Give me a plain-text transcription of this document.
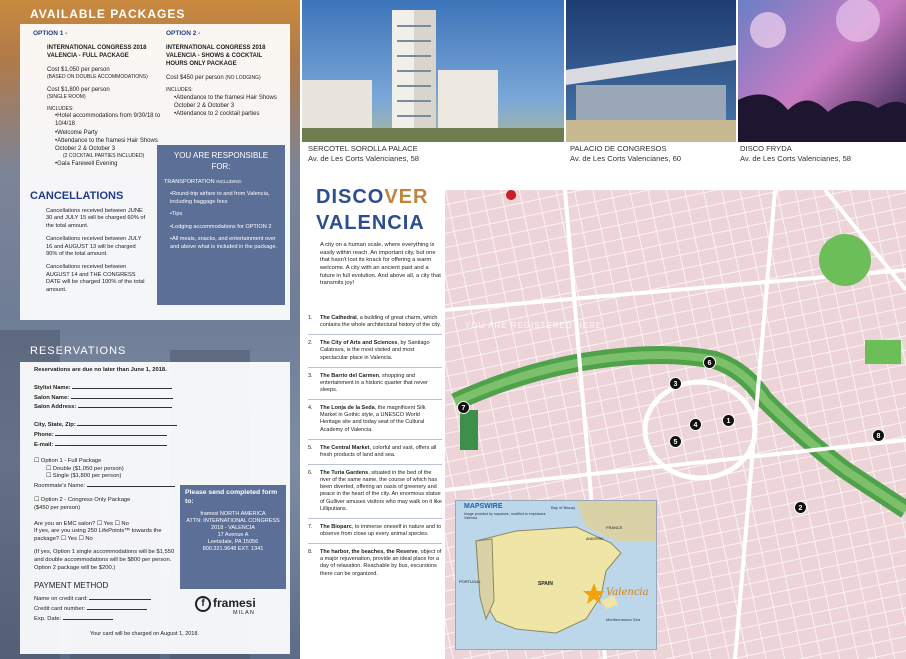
AVAILABLE PACKAGES
OPTION 1 -
INTERNATIONAL CONGRESS 2018 VALENCIA - FULL PACKAGE
Cost $1,050 per person
(BASED ON DOUBLE ACCOMMODATIONS)
Cost $1,800 per person
(SINGLE ROOM)
INCLUDES:
• Hotel accommodations from 9/30/18 to 10/4/18
• Welcome Party
• Attendance to the framesi Hair Shows October 2 & October 3
(2 COCKTAIL PARTIES INCLUDED)
• Gala Farewell Evening
OPTION 2 -
INTERNATIONAL CONGRESS 2018 VALENCIA - SHOWS & COCKTAIL HOURS ONLY PACKAGE
Cost $450 per person (NO LODGING)
INCLUDES:
• Attendance to the framesi Hair Shows October 2 & October 3
• Attendance to 2 cocktail parties
YOU ARE RESPONSIBLE FOR:
TRANSPORTATION INCLUDING:
• Round-trip airfare to and from Valencia, including baggage fees
• Tips
• Lodging accommodations for OPTION 2
• All meals, snacks, and entertainment over and above what is included in the package.
CANCELLATIONS

Cancellations received between JUNE 30 and JULY 15 will be charged 60% of the total amount.

Cancellations received between JULY 16 and AUGUST 13 will be charged 90% of the total amount.

Cancellations received between AUGUST 14 and THE CONGRESS DATE will be charged 100% of the total amount.

RESERVATIONS
Reservations are due no later than June 1, 2018.
Stylist Name:
Salon Name:
Salon Address:
City, State, Zip:
Phone:
E-mail:
☐ Option 1 - Full Package
☐ Double ($1,050 per person)
☐ Single ($1,800 per person)
Roommate's Name:
☐ Option 2 - Congress Only Package
($450 per person)
Are you an EMC salon? ☐ Yes ☐ No
If yes, are you using 250 LifePoints™ towards the package? ☐ Yes ☐ No
(If yes, Option 1 single accommodations will be $1,550 and double accommodations will be $800 per person. Option 2 package will be $200.)
PAYMENT METHOD
Name on credit card:
Credit card number:
Exp. Date:
Your card will be charged on August 1, 2018.
Please send completed form to:
framesi NORTH AMERICA
ATTN: INTERNATIONAL CONGRESS 2018 - VALENCIA
17 Avenue A
Leetsdale, PA 15056
800.321.9648 EXT. 1341
f framesi
MILAN
SERCOTEL SOROLLA PALACE
Av. de Les Corts Valencianes, 58
PALACIO DE CONGRESOS
Av. de Les Corts Valencianes, 60
DISCO FRYDA
Av. de Les Corts Valencianes, 58
DISCOVER
VALENCIA
A city on a human scale, where everything is easily within reach. An important city, but one that hasn't lost its knack for offering a warm welcome. A city with an ancient past and a future in full evolution. And above all, a city that transmits joy!
1.	The Cathedral, a building of great charm, which contains the whole architectural history of the city.
2.	The City of Arts and Sciences, by Santiago Calatrava, is the most visited and most spectacular place in Valencia.
3.	The Barrio del Carmen, shopping and entertainment in a historic quarter that never sleeps.
4.	The Lonja de la Seda, the magnificent Silk Market in Gothic style, a UNESCO World Heritage site and today seat of the Cultural Academy of Valencia.
5.	The Central Market, colorful and vast, offers all fresh products of land and sea.
6.	The Turia Gardens, situated in the bed of the river of the same name, the course of which has been diverted, offering an oasis of greenery and peace in the heart of the city. An enormous statue of Gulliver amuses visitors who may walk on it like Lilliputians.
7.	The Bioparc, to immerse oneself in nature and to observe from close up every animal species.
8.	The harbor, the beaches, the Reserve, object of a major rejuvenation, provide an ideal place for a day of relaxation. Reachable by bus, excursions there can be organized.
YOU ARE REGISTERED HERE
1
2
3
4
5
6
7
8
MAPSWIRE
Image provided by mapswire, modified to emphasize Valencia
Bay of Biscay
FRANCE
PORTUGAL	SPAIN
ANDORRA
Mediterranean Sea
Valencia
